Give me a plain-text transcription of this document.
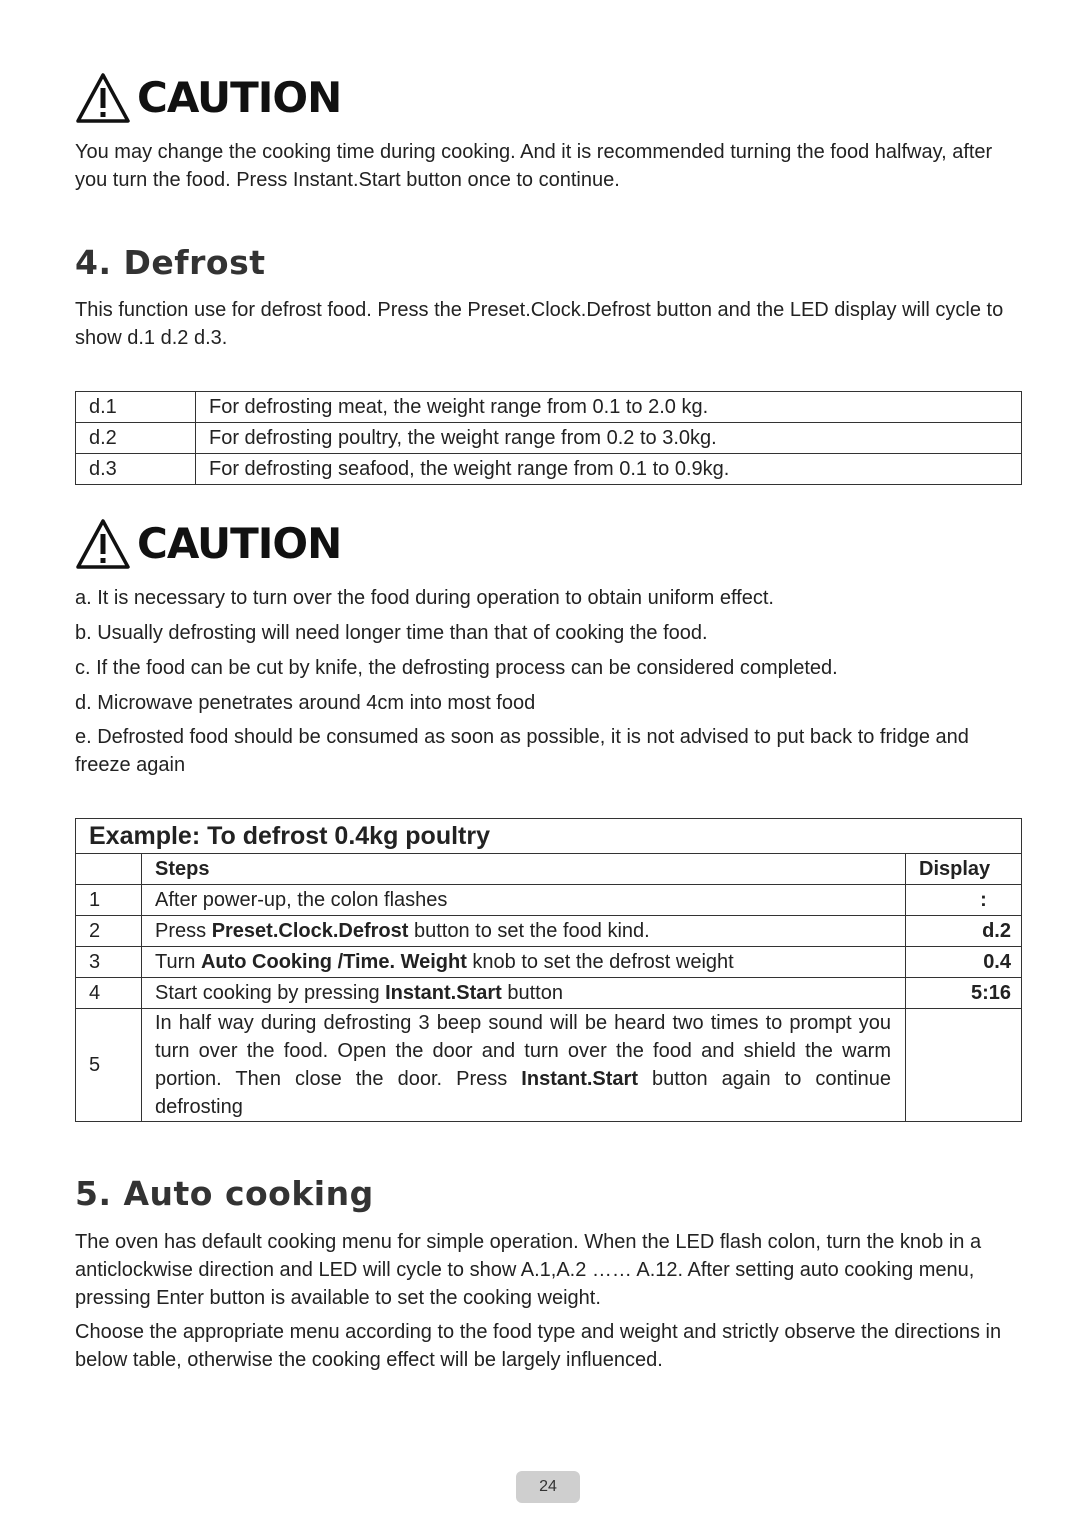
CAUTION

You may change the cooking time during cooking. And it is recommended turning the food halfway, after you turn the food. Press Instant.Start button once to continue.

4. Defrost

This function use for defrost food. Press the Preset.Clock.Defrost button and the LED display will cycle to show d.1 d.2 d.3.

d.1	For defrosting meat, the weight range from 0.1 to 2.0 kg.
d.2	For defrosting poultry, the weight range from 0.2 to 3.0kg.
d.3	For defrosting seafood, the weight range from 0.1 to 0.9kg.
CAUTION

a. It is necessary to turn over the food during operation to obtain uniform effect.

b. Usually defrosting will need longer time than that of cooking the food.

c. If the food can be cut by knife, the defrosting process can be considered completed.

d. Microwave penetrates around 4cm into most food

e. Defrosted food should be consumed as soon as possible, it is not advised to put back to fridge and freeze again

Example: To defrost 0.4kg poultry		
	Steps	Display
1	After power-up, the colon flashes	:
2	Press Preset.Clock.Defrost button to set the food kind.	d.2
3	Turn Auto Cooking /Time. Weight knob to set the defrost weight	0.4
4	Start cooking by pressing Instant.Start button	5:16
5	In half way during defrosting 3 beep sound will be heard two times to prompt you turn over the food. Open the door and turn over the food and shield the warm portion. Then close the door. Press Instant.Start button again to continue defrosting	
5. Auto cooking

The oven has default cooking menu for simple operation. When the LED flash colon, turn the knob in a anticlockwise direction and LED will cycle to show A.1,A.2 …… A.12. After setting auto cooking menu, pressing Enter button is available to set the cooking weight.

Choose the appropriate menu according to the food type and weight and strictly observe the directions in below table, otherwise the cooking effect will be largely influenced.

24
